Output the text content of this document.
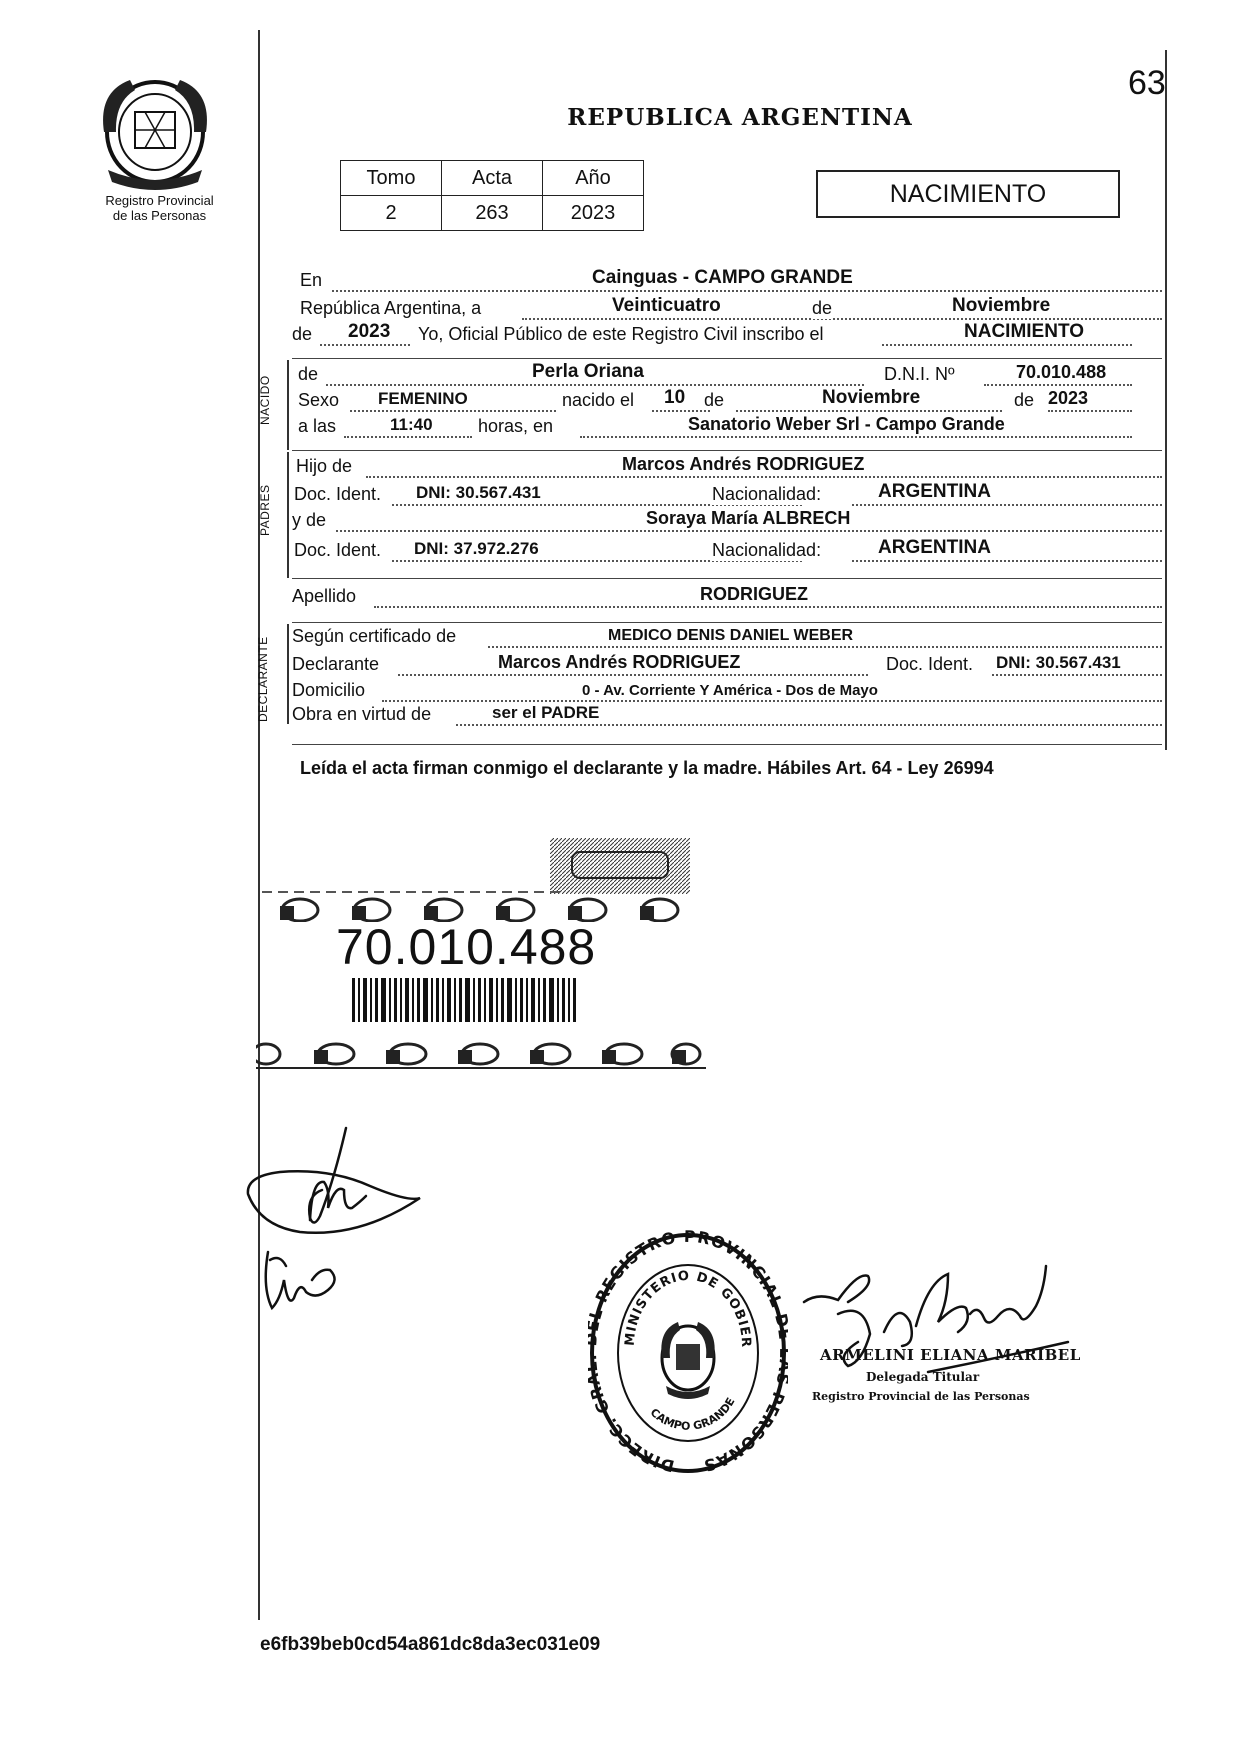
63
Registro Provincial
de las Personas
REPUBLICA ARGENTINA
Tomo	Acta	Año
2	263	2023
NACIMIENTO
En	Cainguas - CAMPO GRANDE
República Argentina, a	Veinticuatro	de	Noviembre
de 2023 Yo, Oficial Público de este Registro Civil inscribo el	NACIMIENTO
NACIDO
de	Perla Oriana	D.N.I. Nº	70.010.488
Sexo FEMENINO	nacido el 10 de	Noviembre	de 2023
a las	11:40	horas, en	Sanatorio Weber Srl - Campo Grande
PADRES
Hijo de	Marcos Andrés RODRIGUEZ
Doc. Ident. DNI: 30.567.431	Nacionalidad:	ARGENTINA
y de	Soraya María ALBRECH
Doc. Ident. DNI: 37.972.276	Nacionalidad:	ARGENTINA
Apellido	RODRIGUEZ
DECLARANTE
Según certificado de	MEDICO DENIS DANIEL WEBER
Declarante	Marcos Andrés RODRIGUEZ	Doc. Ident. DNI: 30.567.431
Domicilio	0 - Av. Corriente Y América - Dos de Mayo
Obra en virtud de	ser el PADRE
Leída el acta firman conmigo el declarante y la madre. Hábiles Art. 64 - Ley 26994
70.010.488
DIRECC. G REGISTRO PROVINCIAL PERSONAS
MINISTERIO DE GOBIER
CAMPO GRANDE
ARMELINI ELIANA MARIBEL
Delegada Titular
Registro Provincial de las Personas
e6fb39beb0cd54a861dc8da3ec031e09
